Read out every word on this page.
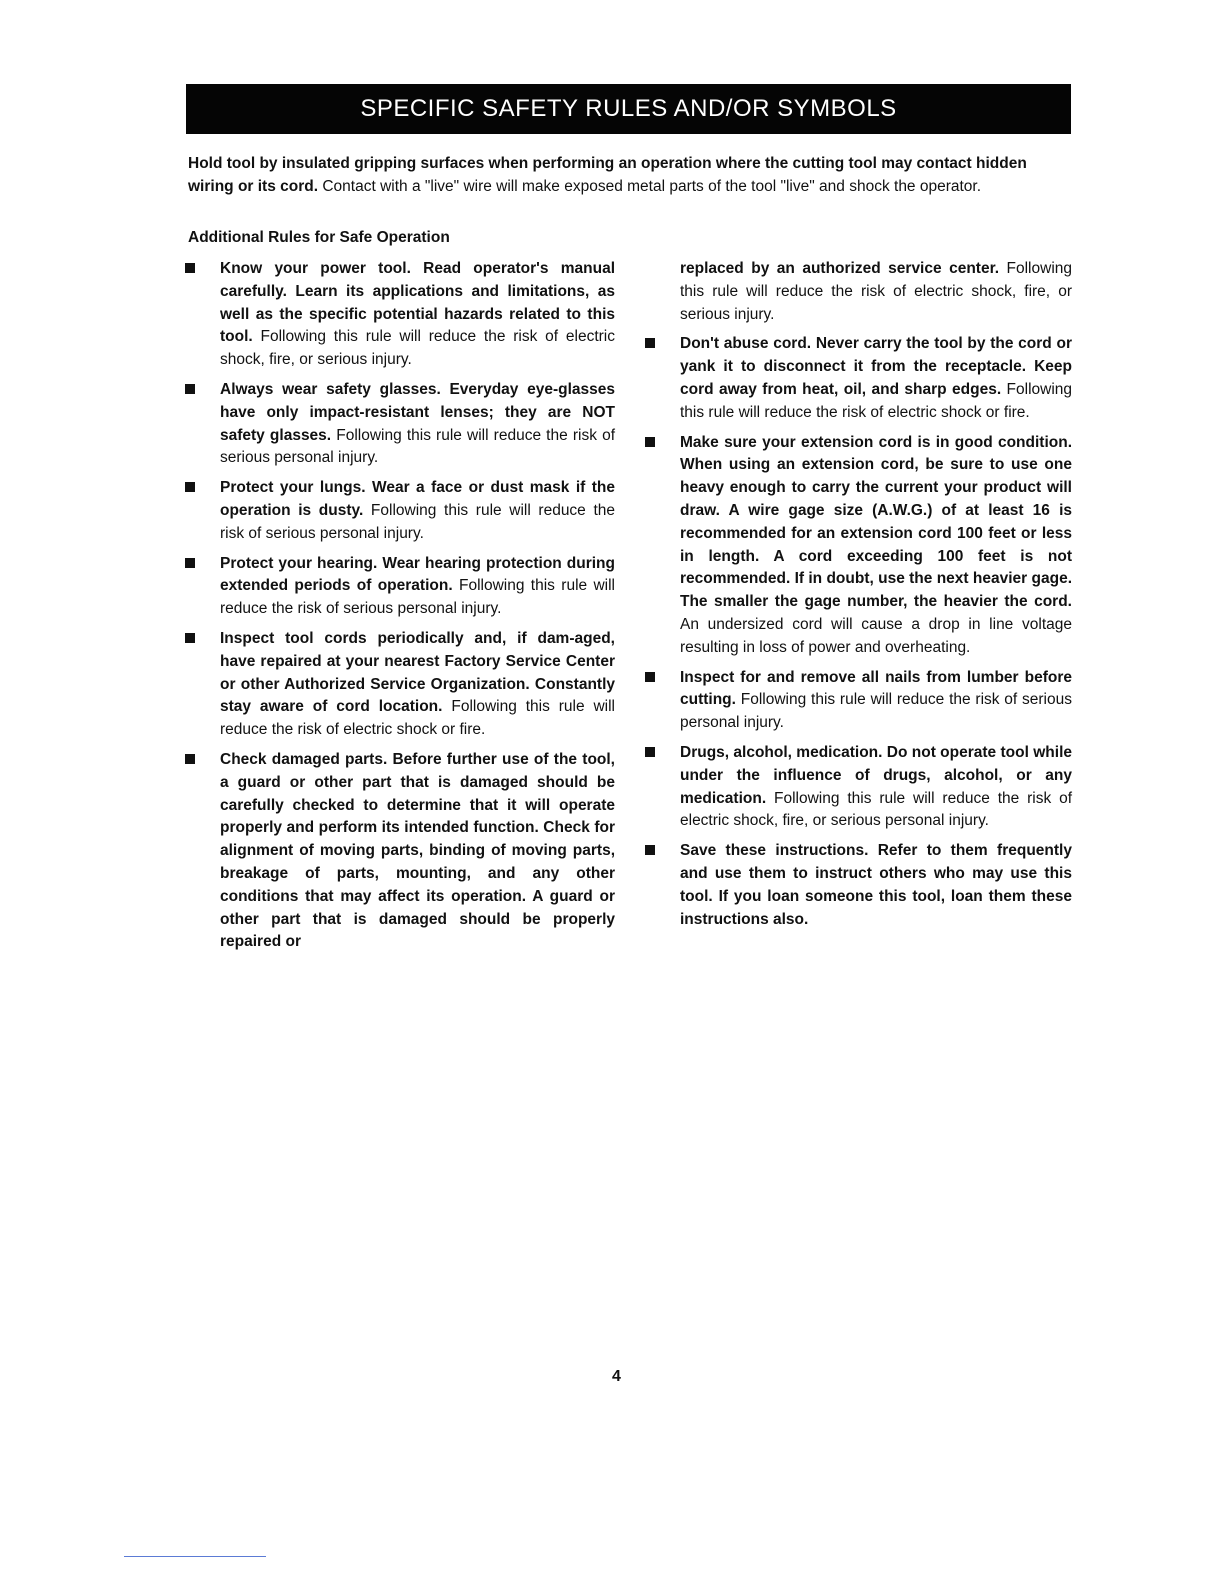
SPECIFIC SAFETY RULES AND/OR SYMBOLS
Hold tool by insulated gripping surfaces when performing an operation where the cutting tool may contact hidden wiring or its cord. Contact with a "live" wire will make exposed metal parts of the tool "live" and shock the operator.
Additional Rules for Safe Operation
Know your power tool. Read operator's manual carefully. Learn its applications and limitations, as well as the specific potential hazards related to this tool. Following this rule will reduce the risk of electric shock, fire, or serious injury.
Always wear safety glasses. Everyday eye-glasses have only impact-resistant lenses; they are NOT safety glasses. Following this rule will reduce the risk of serious personal injury.
Protect your lungs. Wear a face or dust mask if the operation is dusty. Following this rule will reduce the risk of serious personal injury.
Protect your hearing. Wear hearing protection during extended periods of operation. Following this rule will reduce the risk of serious personal injury.
Inspect tool cords periodically and, if dam-aged, have repaired at your nearest Factory Service Center or other Authorized Service Organization. Constantly stay aware of cord location. Following this rule will reduce the risk of electric shock or fire.
Check damaged parts. Before further use of the tool, a guard or other part that is damaged should be carefully checked to determine that it will operate properly and perform its intended function. Check for alignment of moving parts, binding of moving parts, breakage of parts, mounting, and any other conditions that may affect its operation. A guard or other part that is damaged should be properly repaired or
replaced by an authorized service center. Following this rule will reduce the risk of electric shock, fire, or serious injury.
Don't abuse cord. Never carry the tool by the cord or yank it to disconnect it from the receptacle. Keep cord away from heat, oil, and sharp edges. Following this rule will reduce the risk of electric shock or fire.
Make sure your extension cord is in good condition. When using an extension cord, be sure to use one heavy enough to carry the current your product will draw. A wire gage size (A.W.G.) of at least 16 is recommended for an extension cord 100 feet or less in length. A cord exceeding 100 feet is not recommended. If in doubt, use the next heavier gage. The smaller the gage number, the heavier the cord. An undersized cord will cause a drop in line voltage resulting in loss of power and overheating.
Inspect for and remove all nails from lumber before cutting. Following this rule will reduce the risk of serious personal injury.
Drugs, alcohol, medication. Do not operate tool while under the influence of drugs, alcohol, or any medication. Following this rule will reduce the risk of electric shock, fire, or serious personal injury.
Save these instructions. Refer to them frequently and use them to instruct others who may use this tool. If you loan someone this tool, loan them these instructions also.
4
